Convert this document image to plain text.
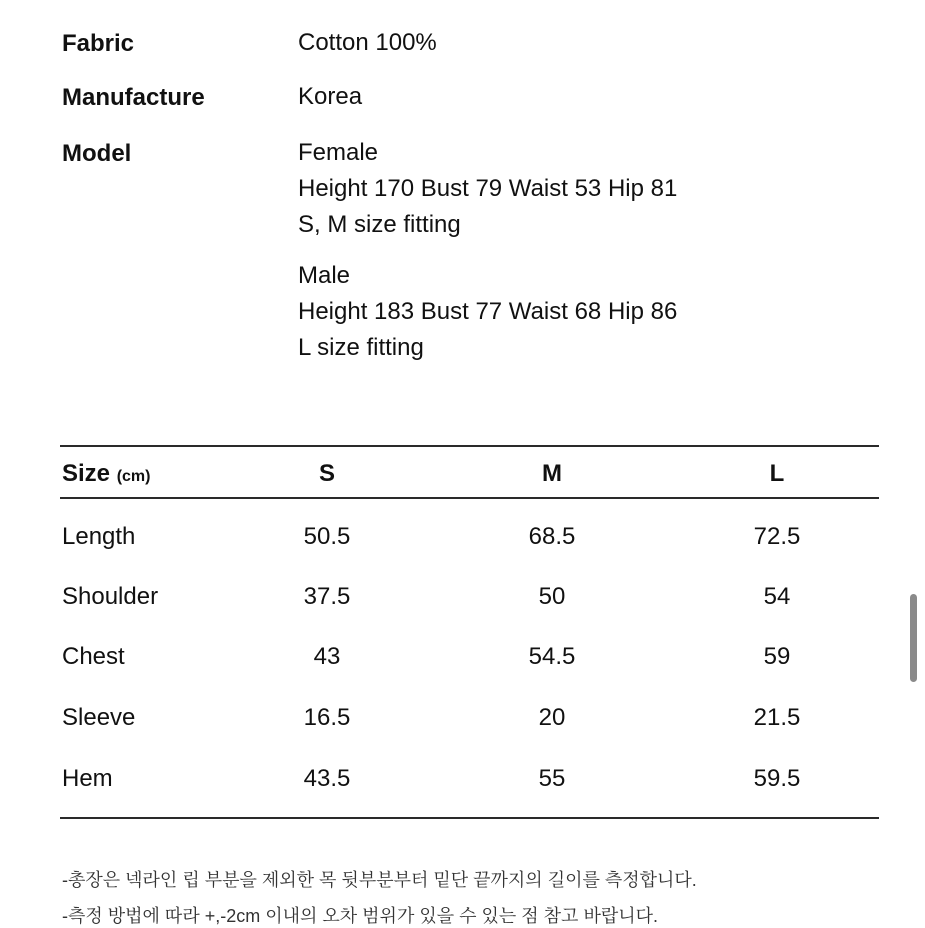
Fabric	Cotton 100%
Manufacture	Korea
Model	Female
Height 170 Bust 79 Waist 53 Hip 81
S, M size fitting
Male
Height 183 Bust 77 Waist 68 Hip 86
L size fitting
Size (cm)	S	M	L
Length	50.5	68.5	72.5
Shoulder	37.5	50	54
Chest	43	54.5	59
Sleeve	16.5	20	21.5
Hem	43.5	55	59.5
-총장은 넥라인 립 부분을 제외한 목 뒷부분부터 밑단 끝까지의 길이를 측정합니다.
-측정 방법에 따라 +,-2cm 이내의 오차 범위가 있을 수 있는 점 참고 바랍니다.
